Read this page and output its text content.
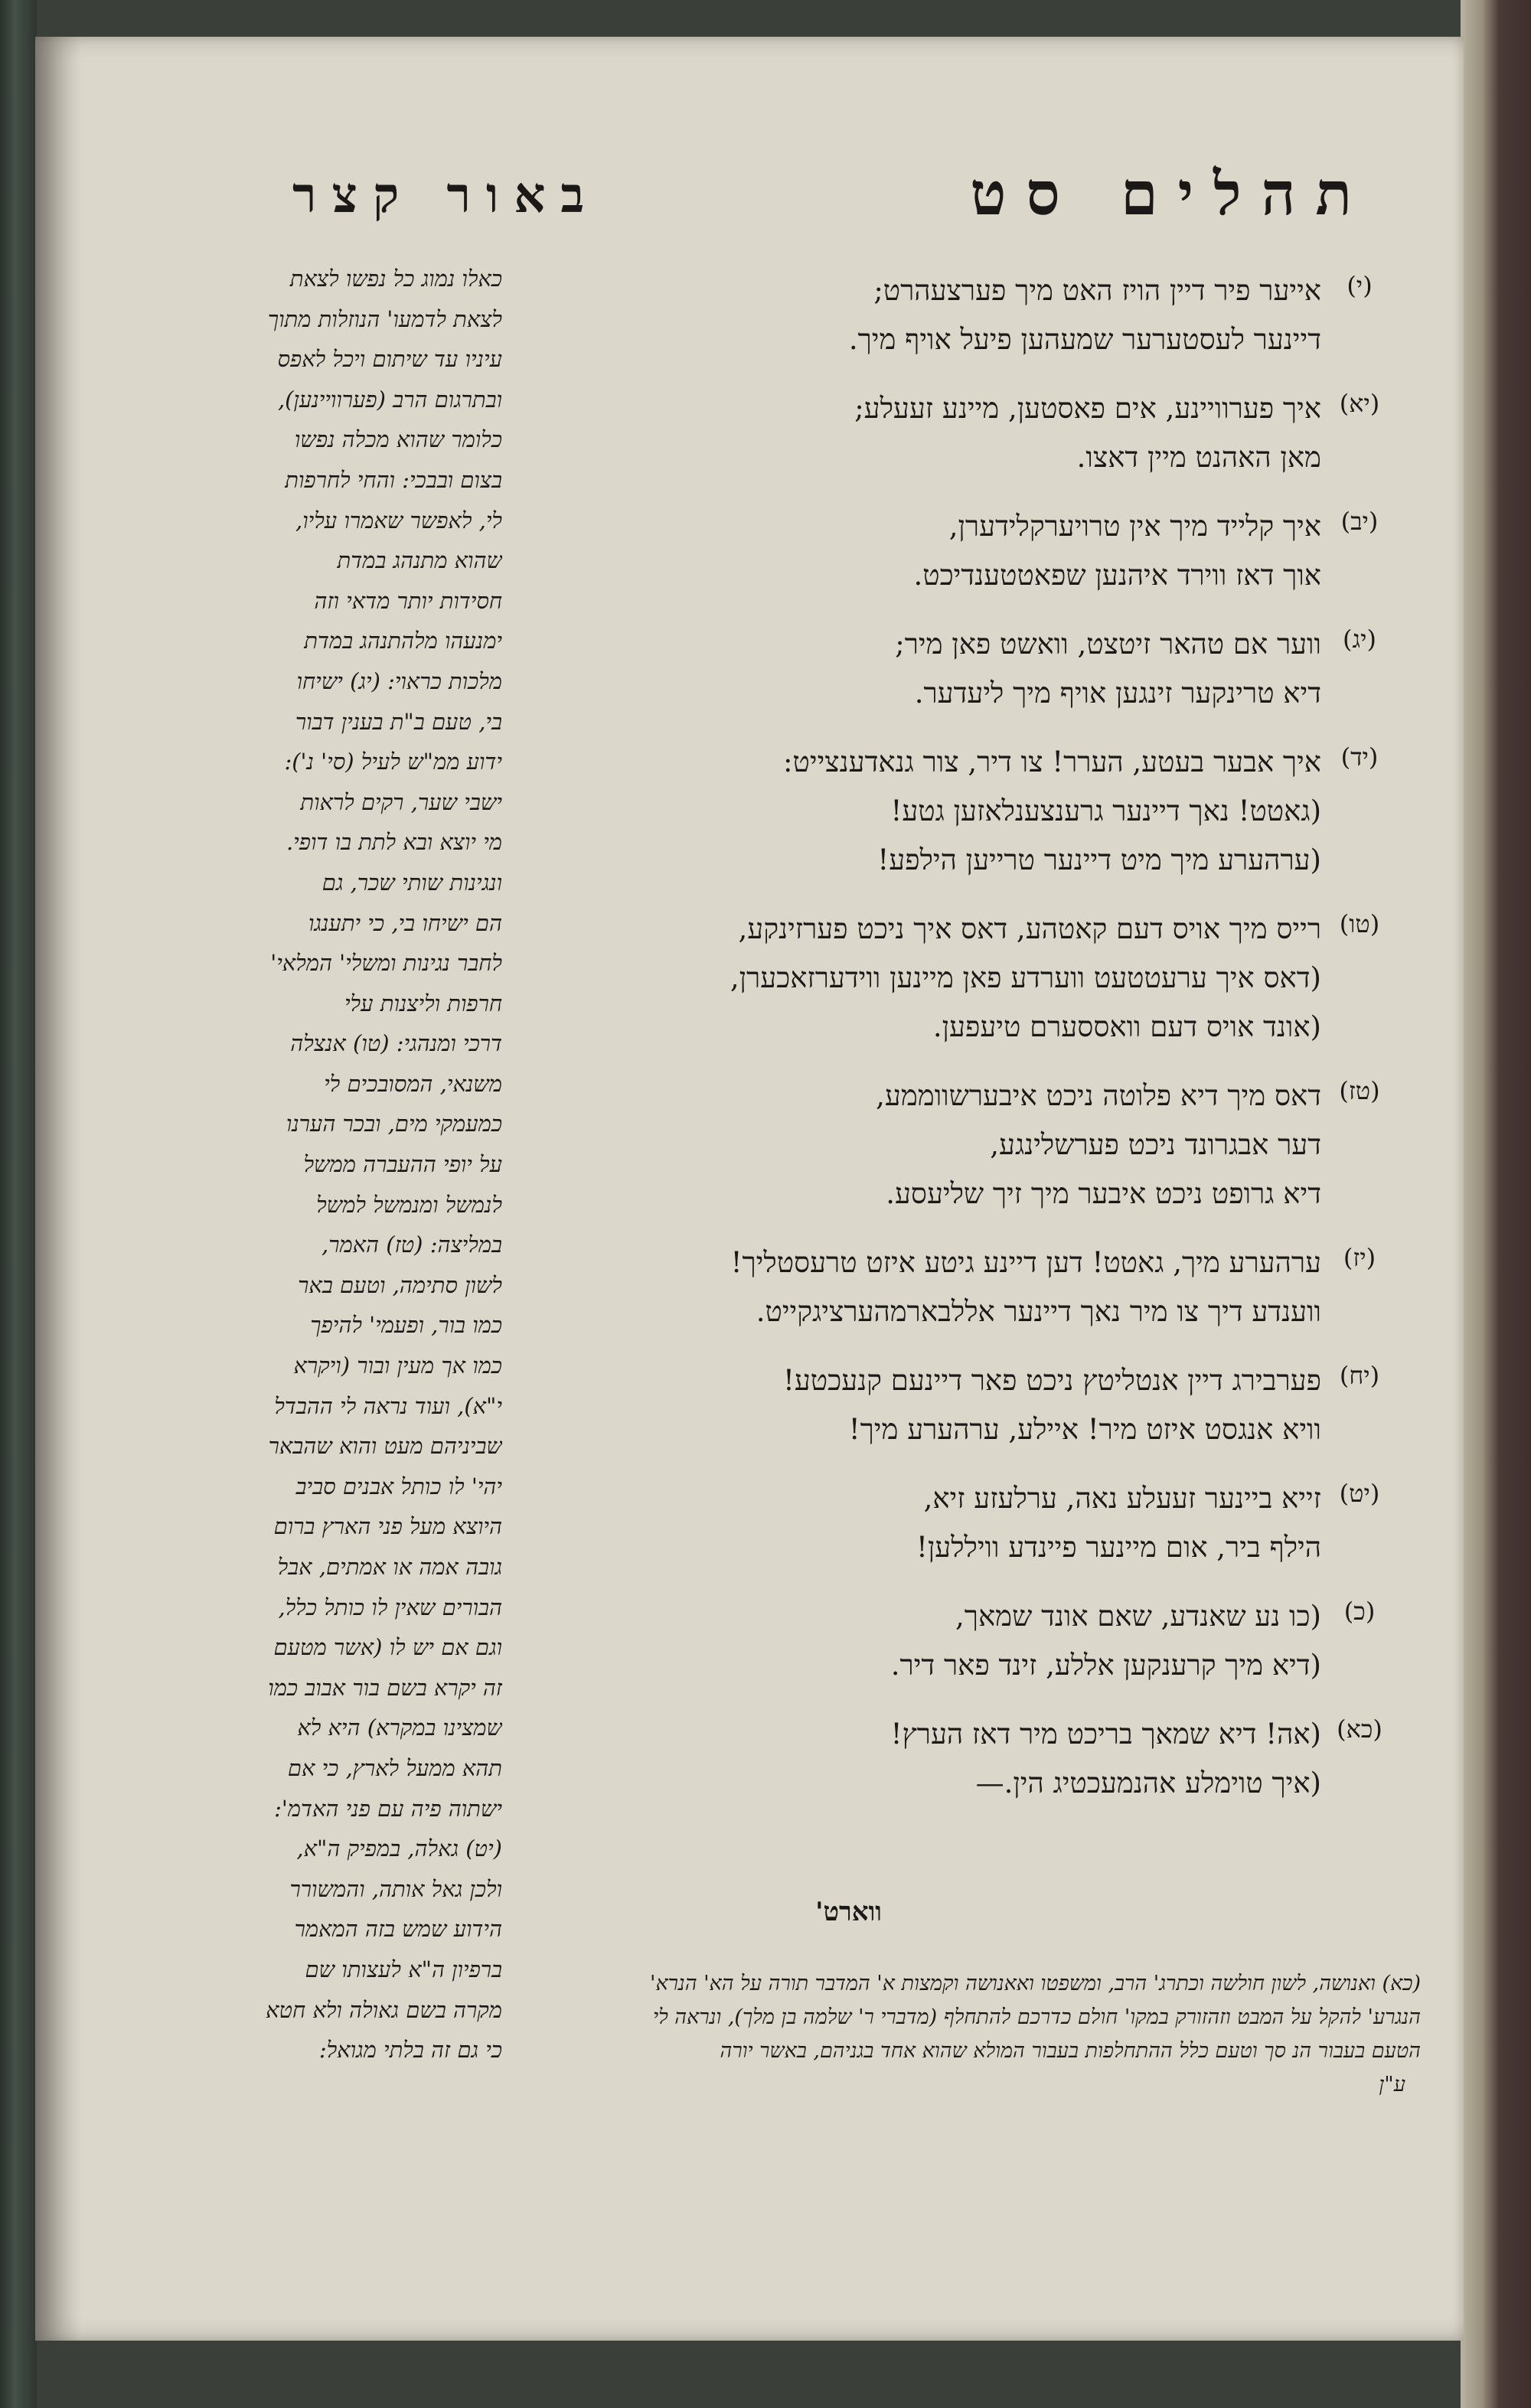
תהלים סט
באור קצר
(י)
אייער פיר דיין הויז האט מיך פערצעהרט;
דיינער לעסטערער שמעהען פיעל אויף מיך.
(יא)
איך פערוויינע, אים פאסטען, מיינע זעעלע;
מאן האהנט מיין דאצו.
(יב)
איך קלייד מיך אין טרויערקלידערן,
אוך דאז ווירד איהנען שפאטטענדיכט.
(יג)
ווער אם טהאר זיטצט, וואשט פאן מיר;
דיא טרינקער זינגען אויף מיך ליעדער.
(יד)
איך אבער בעטע, הערר! צו דיר, צור גנאדענצייט:
(גאטט! נאך דיינער גרענצענלאזען גטע!
(ערהערע מיך מיט דיינער טרייען הילפע!
(טו)
רייס מיך אויס דעם קאטהע, דאס איך ניכט פערזינקע,
(דאס איך ערעטטעט ווערדע פאן מיינען ווידערזאכערן,
(אונד אויס דעם וואססערם טיעפען.
(טז)
דאס מיך דיא פלוטה ניכט איבערשווממע,
דער אבגרונד ניכט פערשלינגע,
דיא גרופט ניכט איבער מיך זיך שליעסע.
(יז)
ערהערע מיך, גאטט! דען דיינע גיטע איזט טרעסטליך!
ווענדע דיך צו מיר נאך דיינער אללבארמהערציגקייט.
(יח)
פערבירג דיין אנטליטץ ניכט פאר דיינעם קנעכטע!
וויא אנגסט איזט מיר! איילע, ערהערע מיך!
(יט)
זייא ביינער זעעלע נאה, ערלעזע זיא,
הילף ביר, אום מיינער פיינדע וויללען!
(כ)
(כו נע שאנדע, שאם אונד שמאך,
(דיא מיך קרענקען אללע, זינד פאר דיר.
(כא)
(אה! דיא שמאך בריכט מיר דאז הערץ!
(איך טוימלע אהנמעכטיג הין.—
ווארט'
כאלו נמוג כל נפשו לצאת
לצאת לדמעו' הנוזלות מתוך
עיניו עד שיתום ויכל לאפס
ובתרגום הרב (פערוויינען),
כלומר שהוא מכלה נפשו
בצום ובבכי: והחי לחרפות
לי, לאפשר שאמרו עליו,
שהוא מתנהג במדת
חסידות יותר מדאי וזה
ימנעהו מלהתנהג במדת
מלכות כראוי: (יג) ישיחו
בי, טעם ב"ת בענין דבור
ידוע ממ"ש לעיל (סי' נ'):
ישבי שער, רקים לראות
מי יוצא ובא לתת בו דופי.
ונגינות שותי שכר, גם
הם ישיחו בי, כי יתענגו
לחבר נגינות ומשלי' המלאי'
חרפות וליצנות עלי
דרכי ומנהגי: (טו) אנצלה
משנאי, המסובכים לי
כמעמקי מים, ובכר הערנו
על יופי ההעברה ממשל
לנמשל ומנמשל למשל
במליצה: (טז) האמר,
לשון סתימה, וטעם באר
כמו בור, ופעמי' להיפך
כמו אך מעין ובור (ויקרא
י"א), ועוד נראה לי ההבדל
שביניהם מעט והוא שהבאר
יהי' לו כותל אבנים סביב
היוצא מעל פני הארץ ברום
גובה אמה או אמתים, אבל
הבורים שאין לו כותל כלל,
וגם אם יש לו (אשר מטעם
זה יקרא בשם בור אבוב כמו
שמצינו במקרא) היא לא
תהא ממעל לארץ, כי אם
ישתוה פיה עם פני האדמ':
(יט) גאלה, במפיק ה"א,
ולכן גאל אותה, והמשורר
הידוע שמש בזה המאמר
ברפיון ה"א לעצותו שם
מקרה בשם גאולה ולא חטא
כי גם זה בלתי מגואל:
(כא) ואנושה, לשון חולשה וכתרג' הרב, ומשפטו ואאנושה וקמצות א' המדבר תורה על הא' הנרא'
הנגרע' להקל על המבט וזהזורק במקו' חולם כדרכם להתחלף (מדברי ר' שלמה בן מלך), ונראה לי
הטעם בעבור הנ סך וטעם כלל ההתחלפות בעבור המולא שהוא אחד בגניהם, באשר יורה
ע"ן
